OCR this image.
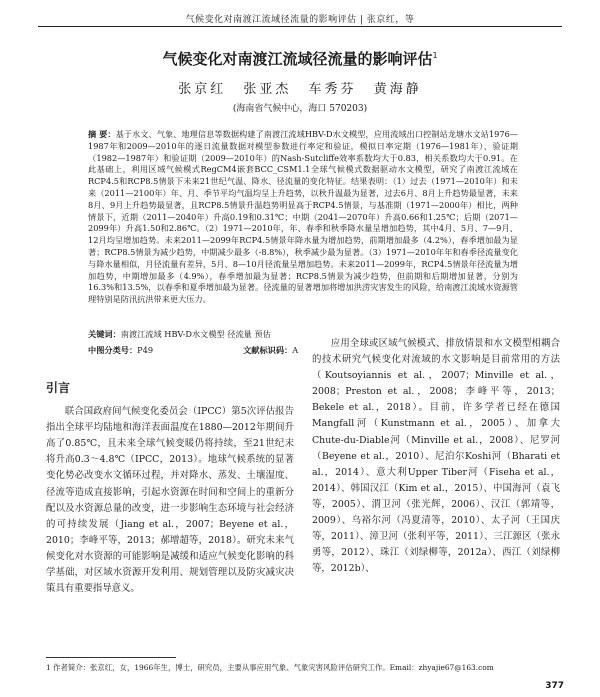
气候变化对南渡江流域径流量的影响评估 | 张京红，等
气候变化对南渡江流域径流量的影响评估$^1$
张京红 张亚杰 车秀芬 黄海静
(海南省气候中心，海口 570203)
摘 要：基于水文、气象、地理信息等数据构建了南渡江流域HBV-D水文模型，应用流域出口控制站龙塘水文站1976—1987年和2009—2010年的逐日流量数据对模型参数进行率定和验证，模拟日率定期（1976—1981年）、验证期（1982—1987年）和验证期（2009—2010年）的Nash-Sutcliffe效率系数均大于0.83，相关系数均大于0.91。在此基础上，利用区域气候模式RegCM4嵌套BCC_CSM1.1全球气候模式数据驱动水文模型，研究了南渡江流域在RCP4.5和RCP8.5情景下未来21世纪气温、降水、径流量的变化特征。结果表明：（1）过去（1971—2010年）和未来（2011—2100年）年、月、季节平均气温均呈上升趋势，以秋升温最为显著，过去6月、8月上升趋势最显著，未来8月、9月上升趋势最显著，且RCP8.5情景升温趋势明显高于RCP4.5情景，与基准期（1971—2000年）相比，两种情景下，近期（2011—2040年）升高0.19和0.31℃；中期（2041—2070年）升高0.66和1.25℃；后期（2071—2099年）升高1.50和2.86℃。（2）1971—2010年，年、春季和秋季降水量呈增加趋势，其中4月、5月、7—9月、12月均呈增加趋势。未来2011—2099年RCP4.5情景年降水量为增加趋势，前期增加最多（4.2%），春季增加最为显著；RCP8.5情景为减少趋势，中期减少最多（-8.8%），秋季减少最为显著。（3）1971—2010年年和春季径流量变化与降水量相似，月径流量有差异，5月、8—10月径流量呈增加趋势。未来2011—2099年，RCP4.5情景年径流量为增加趋势，中期增加最多（4.9%），春季增加最为显著；RCP8.5情景为减少趋势，但前期和后期增加显著，分别为16.3%和13.5%，以春季和夏季增加最为显著。径流量的显著增加将增加洪涝灾害发生的风险，给南渡江流域水资源管理特别是防汛抗洪带来更大压力。
关键词：南渡江流域 HBV-D水文模型 径流量 预估
中图分类号：P49	文献标识码：A
引言

联合国政府间气候变化委员会（IPCC）第5次评估报告指出全球平均陆地和海洋表面温度在1880—2012年期间升高了0.85℃，且未来全球气候变暖仍将持续，至21世纪末将升高0.3～4.8℃（IPCC，2013）。地球气候系统的显著变化势必改变水文循环过程，并对降水、蒸发、土壤湿度、径流等造成直接影响，引起水资源在时间和空间上的重新分配以及水资源总量的改变，进一步影响生态环境与社会经济的可持续发展（Jiang et al.，2007；Beyene et al.，2010；李峰平等，2013；郝增超等，2018）。研究未来气候变化对水资源的可能影响是减缓和适应气候变化影响的科学基础，对区域水资源开发利用、规划管理以及防灾减灾决策具有重要指导意义。

应用全球或区域气候模式、排放情景和水文模型相耦合的技术研究气候变化对流域的水文影响是目前常用的方法（Koutsoyiannis et al.，2007；Minville et al.，2008；Preston et al.，2008；李峰平等，2013；Bekele et al.，2018）。目前，许多学者已经在德国Mangfall河（Kunstmann et al.，2005）、加拿大Chute-du-Diable河（Minville et al.，2008）、尼罗河（Beyene et al.，2010）、尼泊尔Koshi河（Bharati et al.，2014）、意大利Upper Tiber河（Fiseha et al.，2014）、韩国汉江（Kim et al.，2015）、中国海河（袁飞等，2005）、渭卫河（张光辉，2006）、汉江（郭靖等，2009）、乌裕尔河（冯夏清等，2010）、太子河（王国庆等，2011）、漳卫河（张利平等，2011）、三江源区（张永勇等，2012）、珠江（刘绿柳等，2012a）、西江（刘绿柳等，2012b）、

1 作者简介：张京红，女，1966年生，博士，研究员，主要从事应用气象、气象灾害风险评估研究工作。Email：zhyajie67@163.com
377
